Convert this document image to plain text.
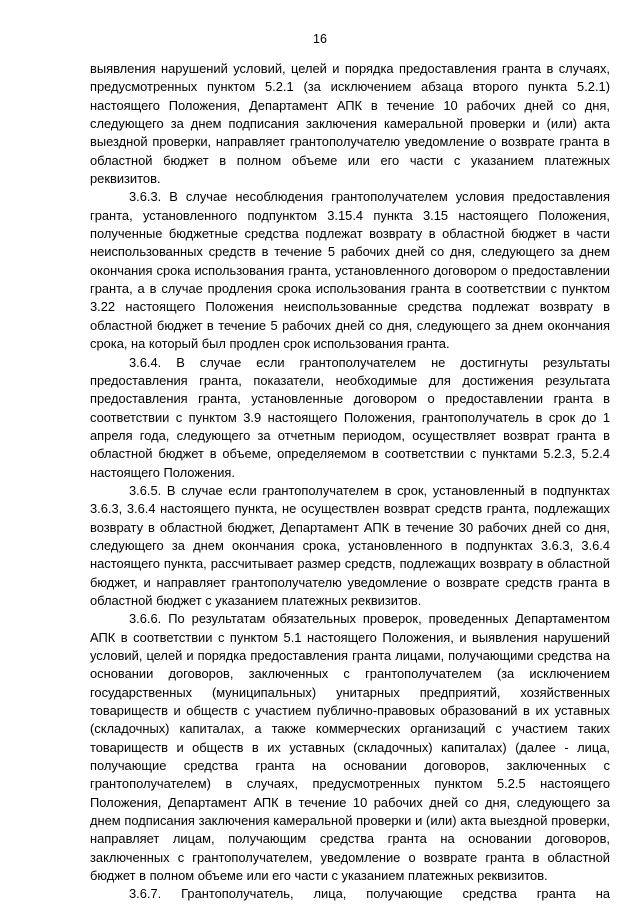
16

выявления нарушений условий, целей и порядка предоставления гранта в случаях, предусмотренных пунктом 5.2.1 (за исключением абзаца второго пункта 5.2.1) настоящего Положения, Департамент АПК в течение 10 рабочих дней со дня, следующего за днем подписания заключения камеральной проверки и (или) акта выездной проверки, направляет грантополучателю уведомление о возврате гранта в областной бюджет в полном объеме или его части с указанием платежных реквизитов.

3.6.3. В случае несоблюдения грантополучателем условия предоставления гранта, установленного подпунктом 3.15.4 пункта 3.15 настоящего Положения, полученные бюджетные средства подлежат возврату в областной бюджет в части неиспользованных средств в течение 5 рабочих дней со дня, следующего за днем окончания срока использования гранта, установленного договором о предоставлении гранта, а в случае продления срока использования гранта в соответствии с пунктом 3.22 настоящего Положения неиспользованные средства подлежат возврату в областной бюджет в течение 5 рабочих дней со дня, следующего за днем окончания срока, на который был продлен срок использования гранта.

3.6.4. В случае если грантополучателем не достигнуты результаты предоставления гранта, показатели, необходимые для достижения результата предоставления гранта, установленные договором о предоставлении гранта в соответствии с пунктом 3.9 настоящего Положения, грантополучатель в срок до 1 апреля года, следующего за отчетным периодом, осуществляет возврат гранта в областной бюджет в объеме, определяемом в соответствии с пунктами 5.2.3, 5.2.4 настоящего Положения.

3.6.5. В случае если грантополучателем в срок, установленный в подпунктах 3.6.3, 3.6.4 настоящего пункта, не осуществлен возврат средств гранта, подлежащих возврату в областной бюджет, Департамент АПК в течение 30 рабочих дней со дня, следующего за днем окончания срока, установленного в подпунктах 3.6.3, 3.6.4 настоящего пункта, рассчитывает размер средств, подлежащих возврату в областной бюджет, и направляет грантополучателю уведомление о возврате средств гранта в областной бюджет с указанием платежных реквизитов.

3.6.6. По результатам обязательных проверок, проведенных Департаментом АПК в соответствии с пунктом 5.1 настоящего Положения, и выявления нарушений условий, целей и порядка предоставления гранта лицами, получающими средства на основании договоров, заключенных с грантополучателем (за исключением государственных (муниципальных) унитарных предприятий, хозяйственных товариществ и обществ с участием публично-правовых образований в их уставных (складочных) капиталах, а также коммерческих организаций с участием таких товариществ и обществ в их уставных (складочных) капиталах) (далее - лица, получающие средства гранта на основании договоров, заключенных с грантополучателем) в случаях, предусмотренных пунктом 5.2.5 настоящего Положения, Департамент АПК в течение 10 рабочих дней со дня, следующего за днем подписания заключения камеральной проверки и (или) акта выездной проверки, направляет лицам, получающим средства гранта на основании договоров, заключенных с грантополучателем, уведомление о возврате гранта в областной бюджет в полном объеме или его части с указанием платежных реквизитов.

3.6.7. Грантополучатель, лица, получающие средства гранта на
